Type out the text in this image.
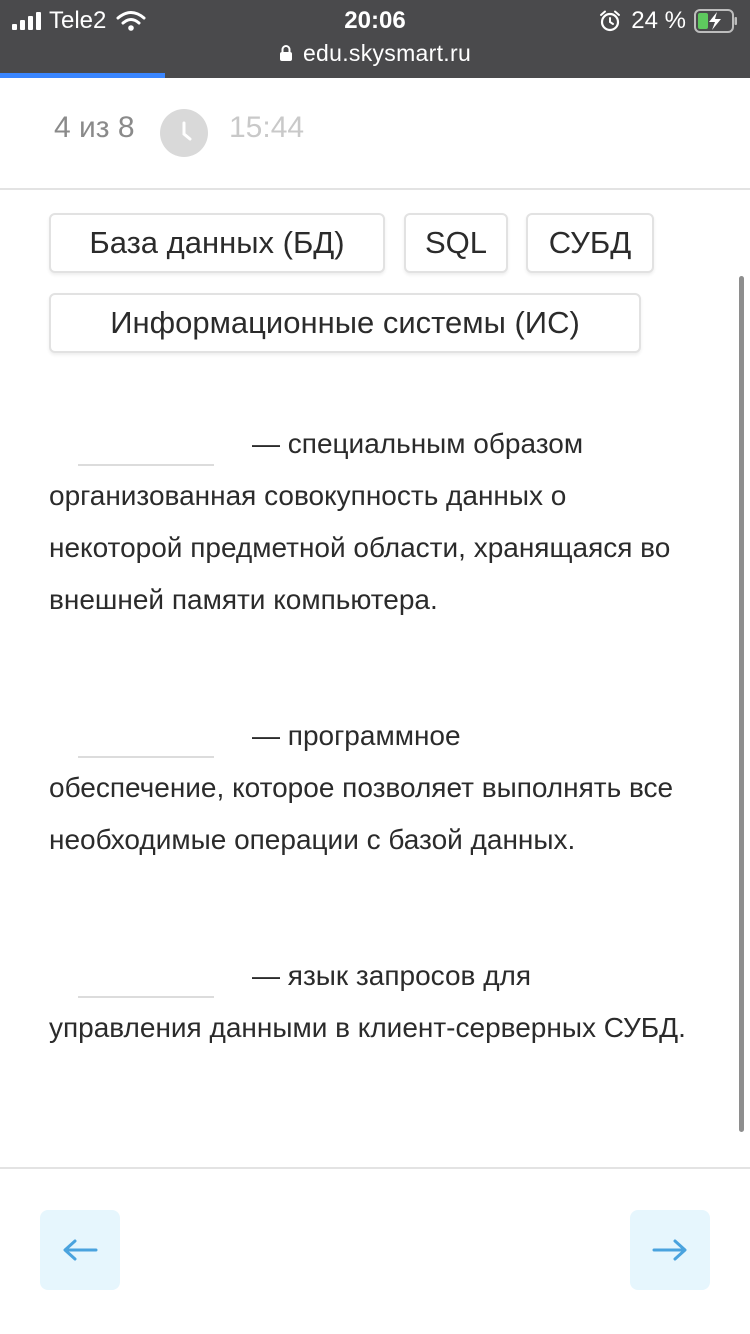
Tele2	20:06	24 %
edu.skysmart.ru
4 из 8	15:44
База данных (БД)	SQL	СУБД
Информационные системы (ИС)
— специальным образом
организованная совокупность данных о некоторой предметной области, хранящаяся во внешней памяти компьютера.
— программное
обеспечение, которое позволяет выполнять все необходимые операции с базой данных.
— язык запросов для
управления данными в клиент-серверных СУБД.
